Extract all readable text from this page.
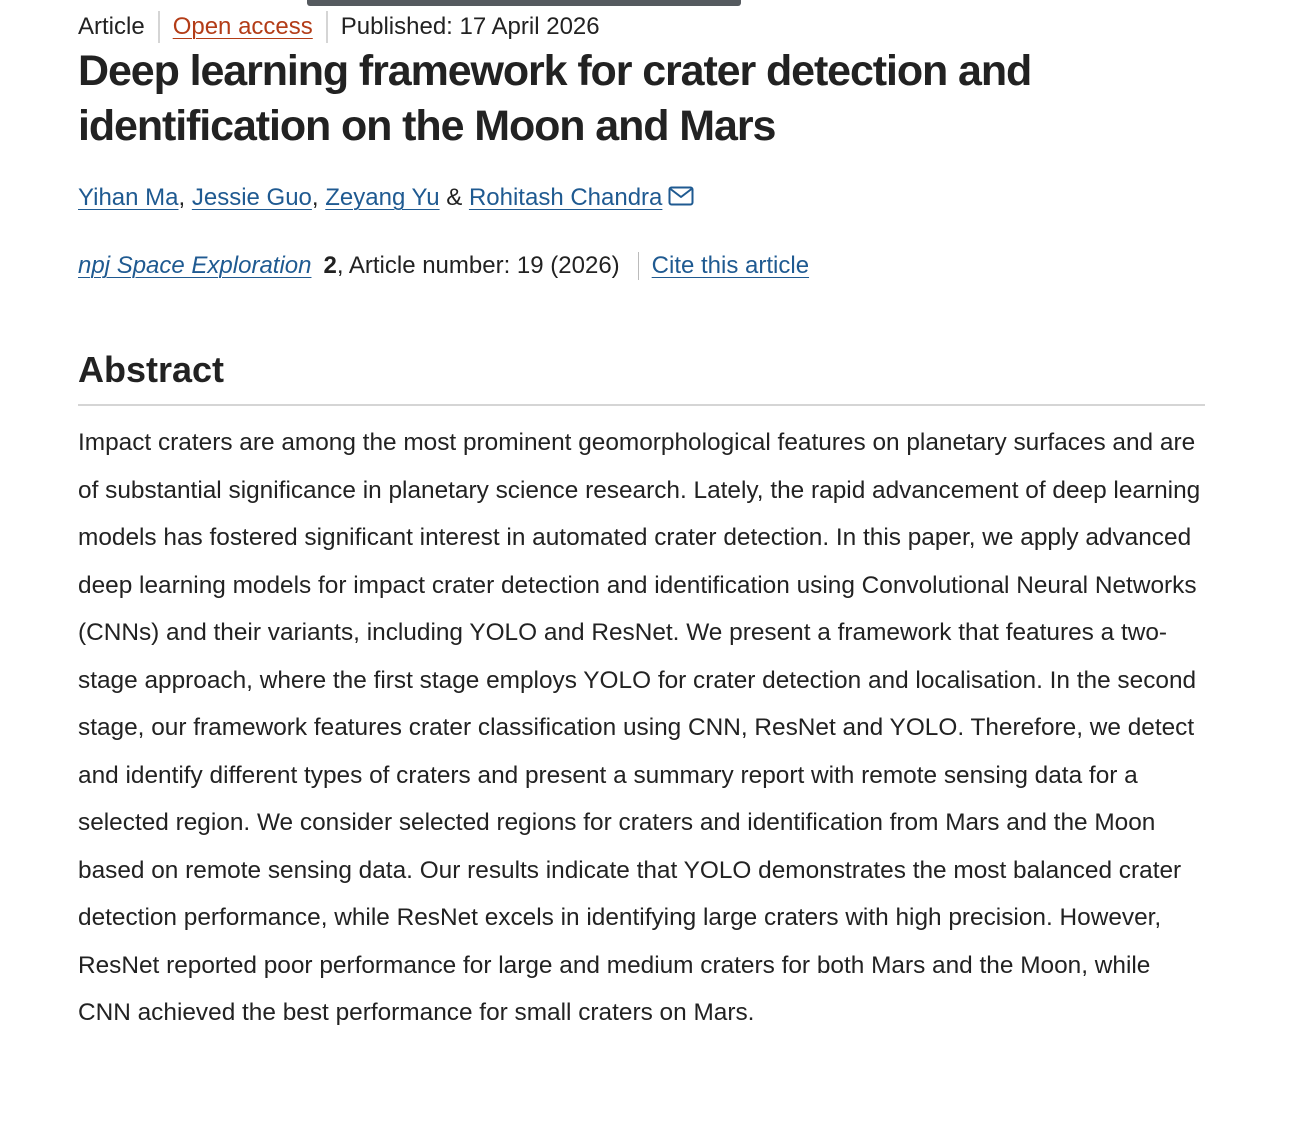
Article Open access Published: 17 April 2026
Deep learning framework for crater detection and identification on the Moon and Mars
Yihan Ma ,
Jessie Guo ,
Zeyang Yu
&
Rohitash Chandra
npj Space Exploration 2 , Article number: 19 (2026) Cite this article
Abstract

Impact craters are among the most prominent geomorphological features on planetary surfaces and are of substantial significance in planetary science research. Lately, the rapid advancement of deep learning models has fostered significant interest in automated crater detection. In this paper, we apply advanced deep learning models for impact crater detection and identification using Convolutional Neural Networks (CNNs) and their variants, including YOLO and ResNet. We present a framework that features a two-stage approach, where the first stage employs YOLO for crater detection and localisation. In the second stage, our framework features crater classification using CNN, ResNet and YOLO. Therefore, we detect and identify different types of craters and present a summary report with remote sensing data for a selected region. We consider selected regions for craters and identification from Mars and the Moon based on remote sensing data. Our results indicate that YOLO demonstrates the most balanced crater detection performance, while ResNet excels in identifying large craters with high precision. However, ResNet reported poor performance for large and medium craters for both Mars and the Moon, while CNN achieved the best performance for small craters on Mars.
